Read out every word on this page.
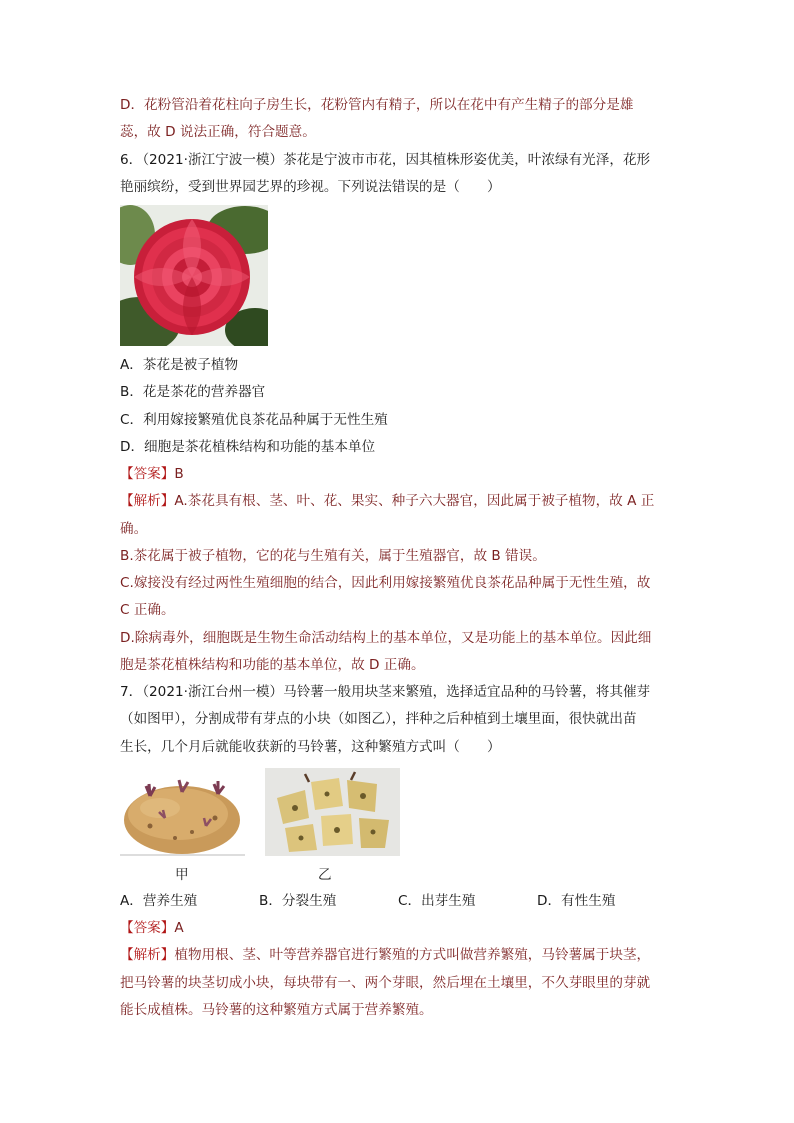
D．花粉管沿着花柱向子房生长，花粉管内有精子，所以在花中有产生精子的部分是雄
蕊，故 D 说法正确，符合题意。
6．（2021·浙江宁波一模）茶花是宁波市市花，因其植株形姿优美，叶浓绿有光泽，花形
艳丽缤纷，受到世界园艺界的珍视。下列说法错误的是（　　）
A．茶花是被子植物
B．花是茶花的营养器官
C．利用嫁接繁殖优良茶花品种属于无性生殖
D．细胞是茶花植株结构和功能的基本单位
【答案】B
【解析】A.茶花具有根、茎、叶、花、果实、种子六大器官，因此属于被子植物，故 A 正
确。
B.茶花属于被子植物，它的花与生殖有关，属于生殖器官，故 B 错误。
C.嫁接没有经过两性生殖细胞的结合，因此利用嫁接繁殖优良茶花品种属于无性生殖，故
C 正确。
D.除病毒外，细胞既是生物生命活动结构上的基本单位，又是功能上的基本单位。因此细
胞是茶花植株结构和功能的基本单位，故 D 正确。
7．（2021·浙江台州一模）马铃薯一般用块茎来繁殖，选择适宜品种的马铃薯，将其催芽
（如图甲），分割成带有芽点的小块（如图乙），拌种之后种植到土壤里面，很快就出苗
生长，几个月后就能收获新的马铃薯，这种繁殖方式叫（　　）
甲	乙
A．营养生殖	B．分裂生殖	C．出芽生殖	D．有性生殖
【答案】A
【解析】植物用根、茎、叶等营养器官进行繁殖的方式叫做营养繁殖，马铃薯属于块茎，
把马铃薯的块茎切成小块，每块带有一、两个芽眼，然后埋在土壤里，不久芽眼里的芽就
能长成植株。马铃薯的这种繁殖方式属于营养繁殖。
